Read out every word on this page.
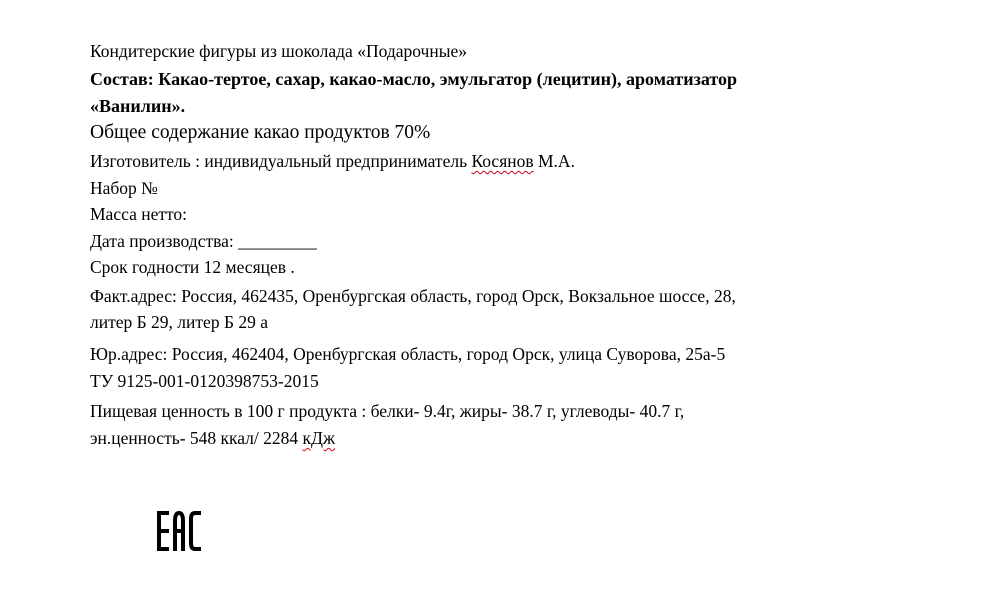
Кондитерские фигуры из шоколада «Подарочные»
Состав: Какао-тертое, сахар, какао-масло, эмульгатор (лецитин), ароматизатор
«Ванилин».
Общее содержание какао продуктов 70%
Изготовитель : индивидуальный предприниматель Косянов М.А.
Набор №
Масса нетто:
Дата производства: _________
Срок годности 12 месяцев .
Факт.адрес: Россия, 462435, Оренбургская область, город Орск, Вокзальное шоссе, 28,
литер Б 29, литер Б 29 а
Юр.адрес: Россия, 462404, Оренбургская область, город Орск, улица Суворова, 25а-5
ТУ 9125-001-0120398753-2015
Пищевая ценность в 100 г продукта : белки- 9.4г, жиры- 38.7 г, углеводы- 40.7 г,
эн.ценность- 548 ккал/ 2284 кДж
